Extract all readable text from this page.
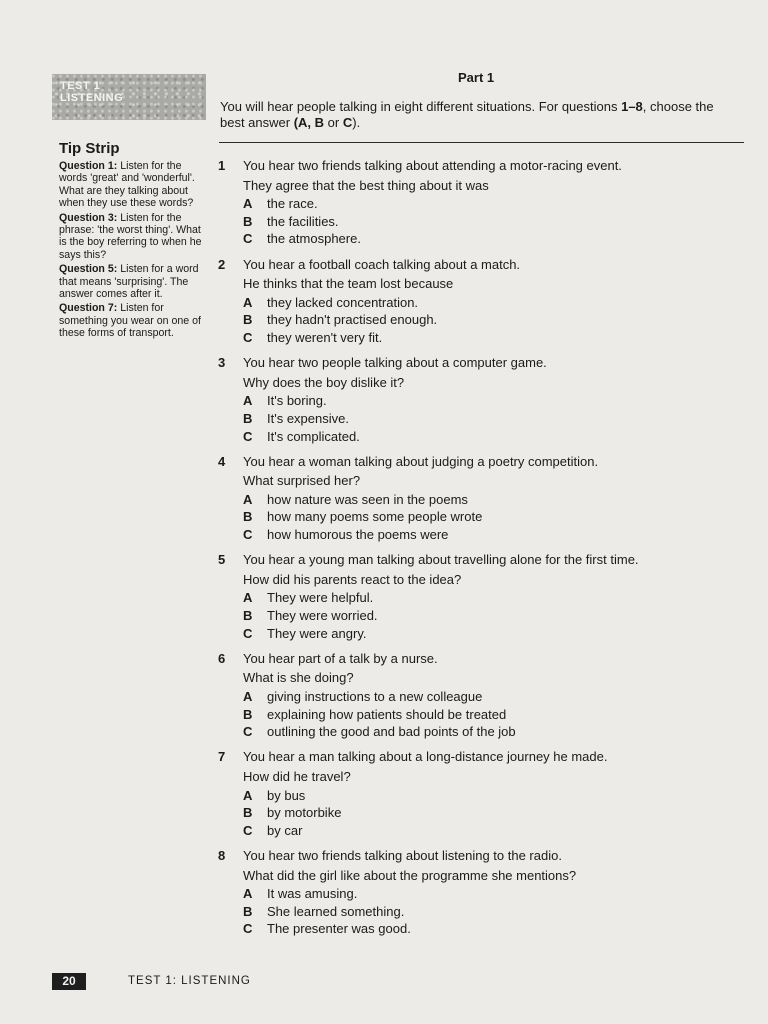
TEST 1
LISTENING
Tip Strip

Question 1: Listen for the words 'great' and 'wonderful'. What are they talking about when they use these words?

Question 3: Listen for the phrase: 'the worst thing'. What is the boy referring to when he says this?

Question 5: Listen for a word that means 'surprising'. The answer comes after it.

Question 7: Listen for something you wear on one of these forms of transport.

Part 1

You will hear people talking in eight different situations. For questions 1–8, choose the best answer (A, B or C).

1	You hear two friends talking about attending a motor-racing event.
They agree that the best thing about it was
A	the race.
B	the facilities.
C	the atmosphere.
2	You hear a football coach talking about a match.
He thinks that the team lost because
A	they lacked concentration.
B	they hadn't practised enough.
C	they weren't very fit.
3	You hear two people talking about a computer game.
Why does the boy dislike it?
A	It's boring.
B	It's expensive.
C	It's complicated.
4	You hear a woman talking about judging a poetry competition.
What surprised her?
A	how nature was seen in the poems
B	how many poems some people wrote
C	how humorous the poems were
5	You hear a young man talking about travelling alone for the first time.
How did his parents react to the idea?
A	They were helpful.
B	They were worried.
C	They were angry.
6	You hear part of a talk by a nurse.
What is she doing?
A	giving instructions to a new colleague
B	explaining how patients should be treated
C	outlining the good and bad points of the job
7	You hear a man talking about a long-distance journey he made.
How did he travel?
A	by bus
B	by motorbike
C	by car
8	You hear two friends talking about listening to the radio.
What did the girl like about the programme she mentions?
A	It was amusing.
B	She learned something.
C	The presenter was good.
20	TEST 1: LISTENING
